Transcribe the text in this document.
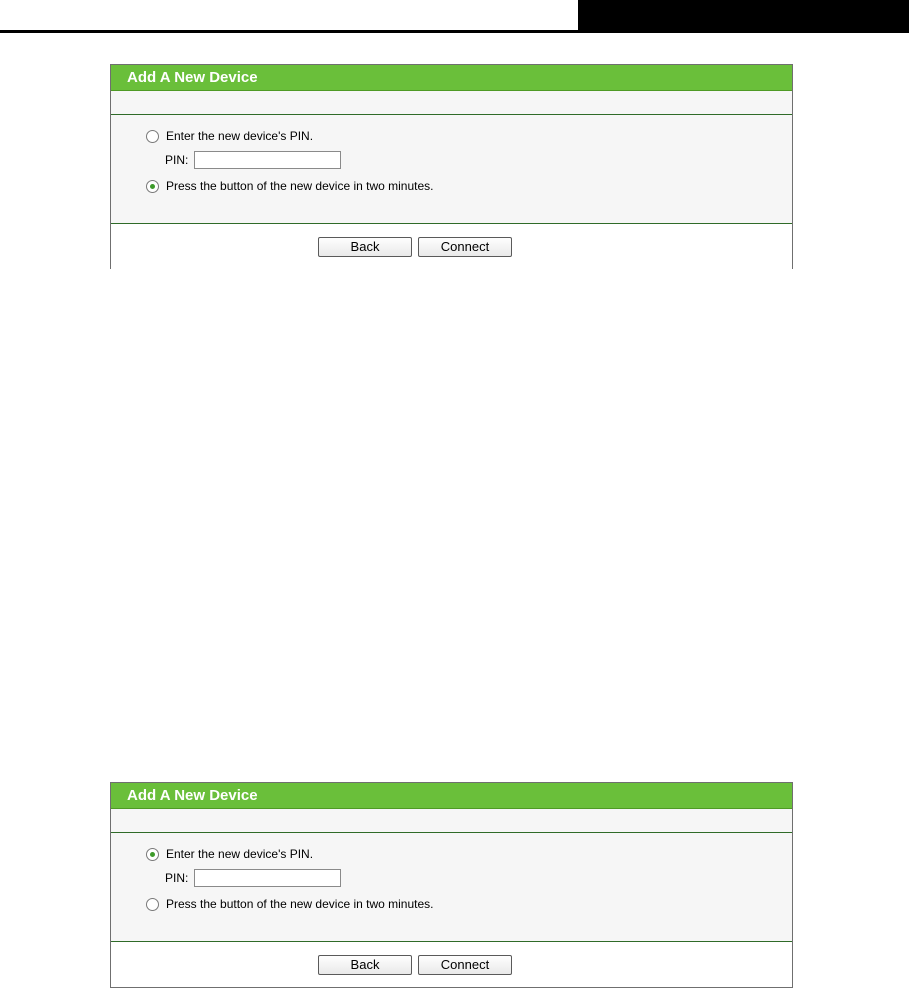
Add A New Device
Enter the new device's PIN.
PIN:
Press the button of the new device in two minutes.
Back	Connect
Add A New Device
Enter the new device's PIN.
PIN:
Press the button of the new device in two minutes.
Back	Connect
